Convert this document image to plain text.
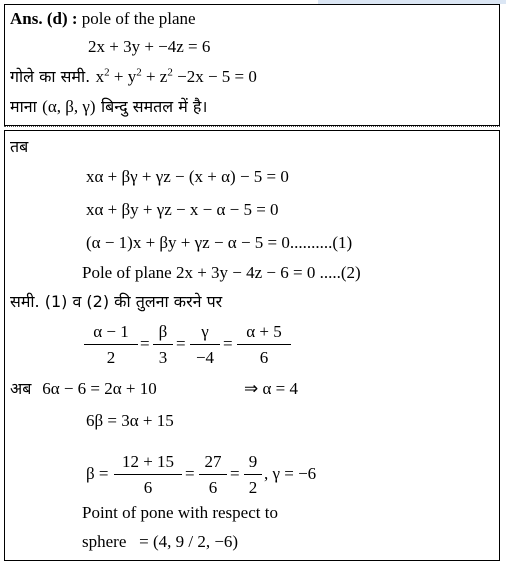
Ans. (d) : pole of the plane
2x + 3y + −4z = 6
गोले का समी. $x^2 + y^2 + z^2 -2x - 5 = 0$
माना (α, β, γ) बिन्दु समतल में है।
तब
xα + βγ + γz − (x + α) − 5 = 0
xα + βy + γz − x − α − 5 = 0
(α − 1)x + βy + γz − α − 5 = 0..........(1)
Pole of plane 2x + 3y − 4z − 6 = 0 .....(2)
समी. (1) व (2) की तुलना करने पर
$\frac{\alpha - 1}{2} = \frac{\beta}{3} = \frac{\gamma}{-4} = \frac{\alpha + 5}{6}$
अब 6α − 6 = 2α + 10	⇒ α = 4
6β = 3α + 15
$\beta = \frac{12 + 15}{6} = \frac{27}{6} = \frac{9}{2}$ , γ = −6
Point of pone with respect to
sphere = (4, 9 / 2, −6)
